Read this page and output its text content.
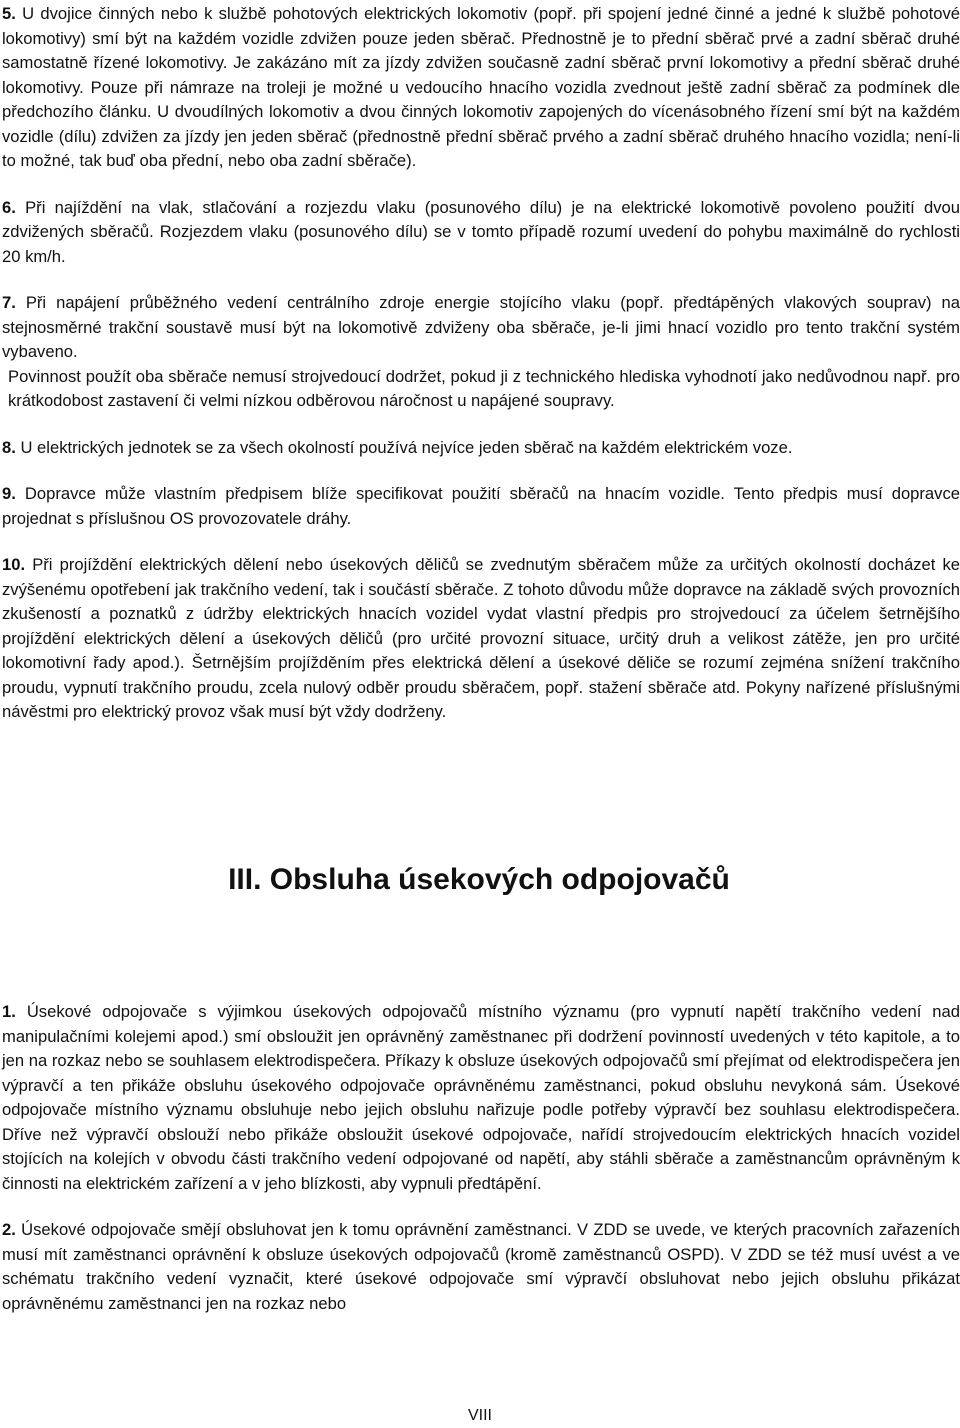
5. U dvojice činných nebo k službě pohotových elektrických lokomotiv (popř. při spojení jedné činné a jedné k službě pohotové lokomotivy) smí být na každém vozidle zdvižen pouze jeden sběrač. Přednostně je to přední sběrač prvé a zadní sběrač druhé samostatně řízené lokomotivy. Je zakázáno mít za jízdy zdvižen současně zadní sběrač první lokomotivy a přední sběrač druhé lokomotivy. Pouze při námraze na troleji je možné u vedoucího hnacího vozidla zvednout ještě zadní sběrač za podmínek dle předchozího článku. U dvoudílných lokomotiv a dvou činných lokomotiv zapojených do vícenásobného řízení smí být na každém vozidle (dílu) zdvižen za jízdy jen jeden sběrač (přednostně přední sběrač prvého a zadní sběrač druhého hnacího vozidla; není-li to možné, tak buď oba přední, nebo oba zadní sběrače).

6. Při najíždění na vlak, stlačování a rozjezdu vlaku (posunového dílu) je na elektrické lokomotivě povoleno použití dvou zdvižených sběračů. Rozjezdem vlaku (posunového dílu) se v tomto případě rozumí uvedení do pohybu maximálně do rychlosti 20 km/h.

7. Při napájení průběžného vedení centrálního zdroje energie stojícího vlaku (popř. předtápěných vlakových souprav) na stejnosměrné trakční soustavě musí být na lokomotivě zdviženy oba sběrače, je-li jimi hnací vozidlo pro tento trakční systém vybaveno.

Povinnost použít oba sběrače nemusí strojvedoucí dodržet, pokud ji z technického hlediska vyhodnotí jako nedůvodnou např. pro krátkodobost zastavení či velmi nízkou odběrovou náročnost u napájené soupravy.

8. U elektrických jednotek se za všech okolností používá nejvíce jeden sběrač na každém elektrickém voze.

9. Dopravce může vlastním předpisem blíže specifikovat použití sběračů na hnacím vozidle. Tento předpis musí dopravce projednat s příslušnou OS provozovatele dráhy.

10. Při projíždění elektrických dělení nebo úsekových děličů se zvednutým sběračem může za určitých okolností docházet ke zvýšenému opotřebení jak trakčního vedení, tak i součástí sběrače. Z tohoto důvodu může dopravce na základě svých provozních zkušeností a poznatků z údržby elektrických hnacích vozidel vydat vlastní předpis pro strojvedoucí za účelem šetrnějšího projíždění elektrických dělení a úsekových děličů (pro určité provozní situace, určitý druh a velikost zátěže, jen pro určité lokomotivní řady apod.). Šetrnějším projížděním přes elektrická dělení a úsekové děliče se rozumí zejména snížení trakčního proudu, vypnutí trakčního proudu, zcela nulový odběr proudu sběračem, popř. stažení sběrače atd. Pokyny nařízené příslušnými návěstmi pro elektrický provoz však musí být vždy dodrženy.

III. Obsluha úsekových odpojovačů

1. Úsekové odpojovače s výjimkou úsekových odpojovačů místního významu (pro vypnutí napětí trakčního vedení nad manipulačními kolejemi apod.) smí obsloužit jen oprávněný zaměstnanec při dodržení povinností uvedených v této kapitole, a to jen na rozkaz nebo se souhlasem elektrodispečera. Příkazy k obsluze úsekových odpojovačů smí přejímat od elektrodispečera jen výpravčí a ten přikáže obsluhu úsekového odpojovače oprávněnému zaměstnanci, pokud obsluhu nevykoná sám. Úsekové odpojovače místního významu obsluhuje nebo jejich obsluhu nařizuje podle potřeby výpravčí bez souhlasu elektrodispečera. Dříve než výpravčí obslouží nebo přikáže obsloužit úsekové odpojovače, nařídí strojvedoucím elektrických hnacích vozidel stojících na kolejích v obvodu části trakčního vedení odpojované od napětí, aby stáhli sběrače a zaměstnancům oprávněným k činnosti na elektrickém zařízení a v jeho blízkosti, aby vypnuli předtápění.

2. Úsekové odpojovače smějí obsluhovat jen k tomu oprávnění zaměstnanci. V ZDD se uvede, ve kterých pracovních zařazeních musí mít zaměstnanci oprávnění k obsluze úsekových odpojovačů (kromě zaměstnanců OSPD). V ZDD se též musí uvést a ve schématu trakčního vedení vyznačit, které úsekové odpojovače smí výpravčí obsluhovat nebo jejich obsluhu přikázat oprávněnému zaměstnanci jen na rozkaz nebo

VIII
